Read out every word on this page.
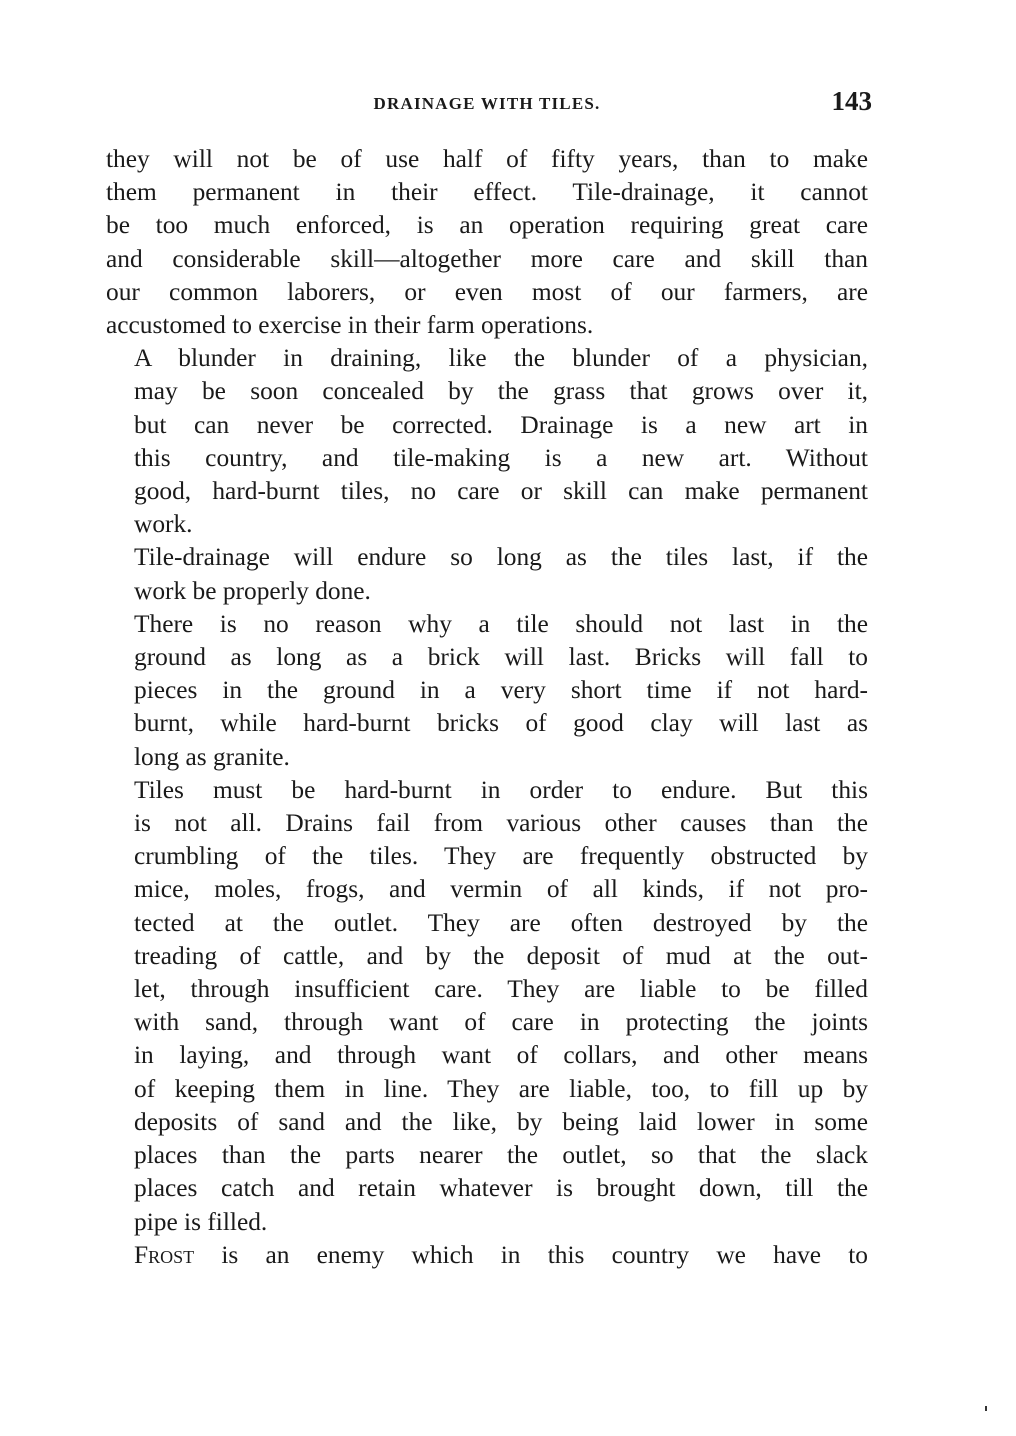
DRAINAGE WITH TILES.	143

they will not be of use half of fifty years, than to make
them permanent in their effect. Tile-drainage, it cannot
be too much enforced, is an operation requiring great care
and considerable skill—altogether more care and skill than
our common laborers, or even most of our farmers, are
accustomed to exercise in their farm operations.

A blunder in draining, like the blunder of a physician,
may be soon concealed by the grass that grows over it,
but can never be corrected. Drainage is a new art in
this country, and tile-making is a new art. Without
good, hard-burnt tiles, no care or skill can make permanent
work.

Tile-drainage will endure so long as the tiles last, if the
work be properly done.

There is no reason why a tile should not last in the
ground as long as a brick will last. Bricks will fall to
pieces in the ground in a very short time if not hard-
burnt, while hard-burnt bricks of good clay will last as
long as granite.

Tiles must be hard-burnt in order to endure. But this
is not all. Drains fail from various other causes than the
crumbling of the tiles. They are frequently obstructed by
mice, moles, frogs, and vermin of all kinds, if not pro-
tected at the outlet. They are often destroyed by the
treading of cattle, and by the deposit of mud at the out-
let, through insufficient care. They are liable to be filled
with sand, through want of care in protecting the joints
in laying, and through want of collars, and other means
of keeping them in line. They are liable, too, to fill up by
deposits of sand and the like, by being laid lower in some
places than the parts nearer the outlet, so that the slack
places catch and retain whatever is brought down, till the
pipe is filled.

Frost is an enemy which in this country we have to
